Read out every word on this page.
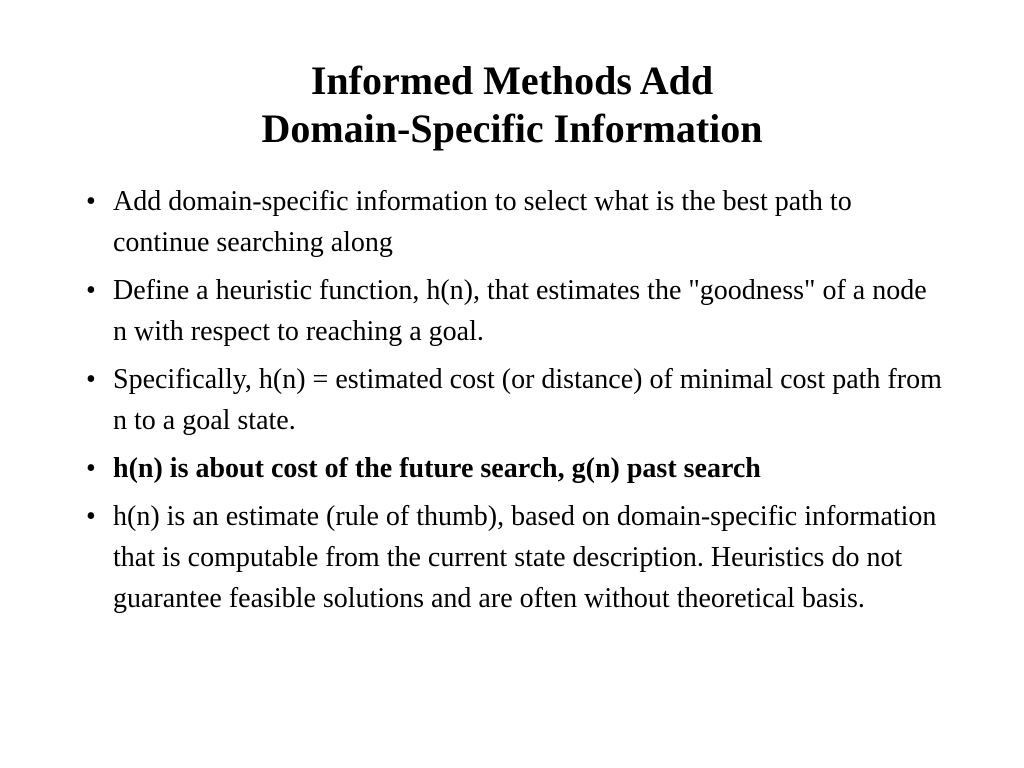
Informed Methods Add
Domain-Specific Information
• Add domain-specific information to select what is the best path to continue searching along
• Define a heuristic function, h(n), that estimates the "goodness" of a node n with respect to reaching a goal.
• Specifically, h(n) = estimated cost (or distance) of minimal cost path from n to a goal state.
• h(n) is about cost of the future search, g(n) past search
• h(n) is an estimate (rule of thumb), based on domain-specific information that is computable from the current state description. Heuristics do not guarantee feasible solutions and are often without theoretical basis.
